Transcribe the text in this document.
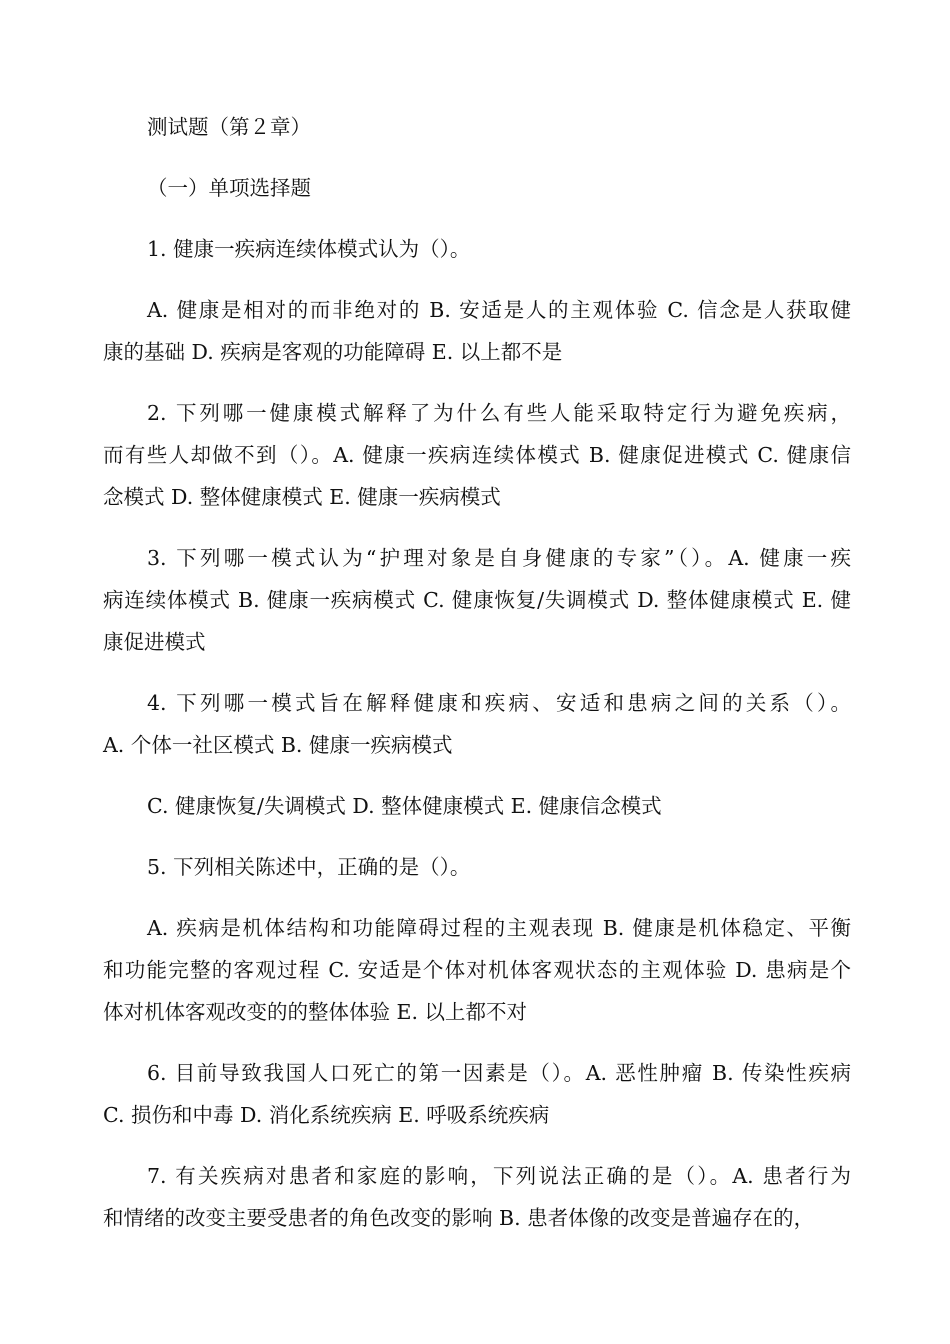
测试题（第２章）

（一）单项选择题

1. 健康一疾病连续体模式认为（）。

A. 健康是相对的而非绝对的 B. 安适是人的主观体验 C. 信念是人获取健
康的基础 D. 疾病是客观的功能障碍 E. 以上都不是

2. 下列哪一健康模式解释了为什么有些人能采取特定行为避免疾病，
而有些人却做不到（）。A. 健康一疾病连续体模式 B. 健康促进模式 C. 健康信
念模式 D. 整体健康模式 E. 健康一疾病模式

3. 下列哪一模式认为“护理对象是自身健康的专家”（）。A. 健康一疾
病连续体模式 B. 健康一疾病模式 C. 健康恢复/失调模式 D. 整体健康模式 E. 健
康促进模式

4. 下列哪一模式旨在解释健康和疾病、安适和患病之间的关系（）。
A. 个体一社区模式 B. 健康一疾病模式

C. 健康恢复/失调模式 D. 整体健康模式 E. 健康信念模式

5. 下列相关陈述中，正确的是（）。

A. 疾病是机体结构和功能障碍过程的主观表现 B. 健康是机体稳定、平衡
和功能完整的客观过程 C. 安适是个体对机体客观状态的主观体验 D. 患病是个
体对机体客观改变的的整体体验 E. 以上都不对

6. 目前导致我国人口死亡的第一因素是（）。A. 恶性肿瘤 B. 传染性疾病
C. 损伤和中毒 D. 消化系统疾病 E. 呼吸系统疾病

7. 有关疾病对患者和家庭的影响，下列说法正确的是（）。A. 患者行为
和情绪的改变主要受患者的角色改变的影响 B. 患者体像的改变是普遍存在的，
